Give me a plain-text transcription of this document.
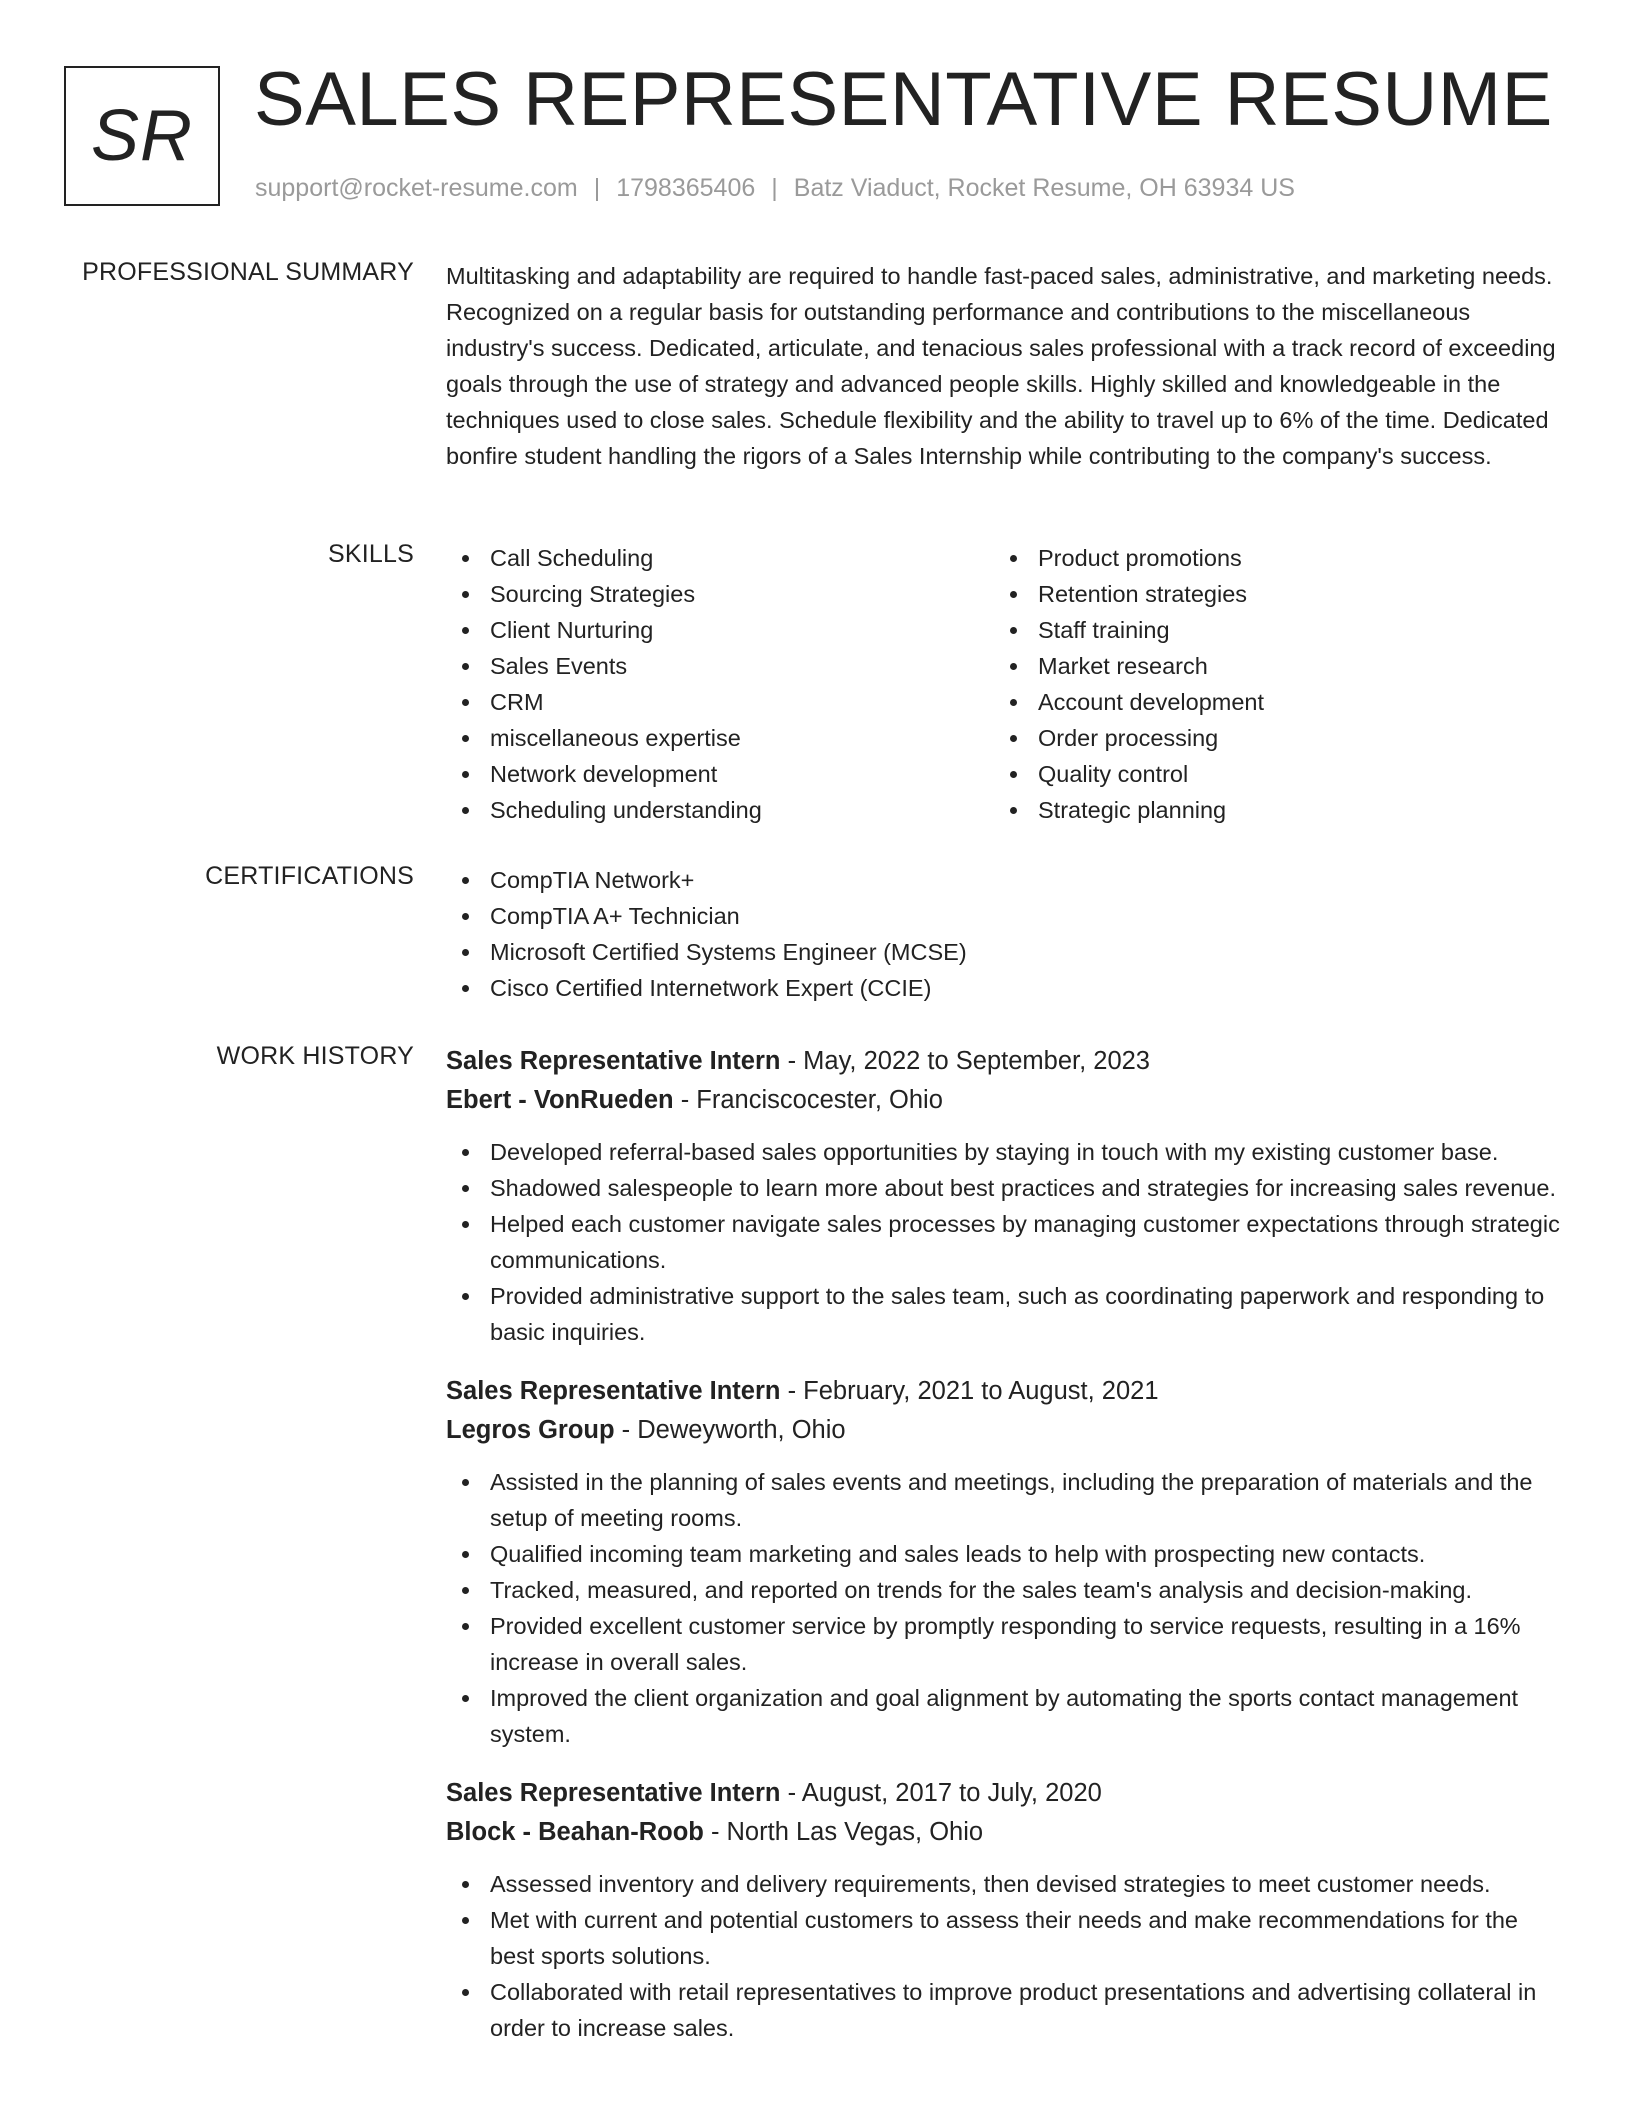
SR SALES REPRESENTATIVE RESUME
support@rocket-resume.com | 1798365406 | Batz Viaduct, Rocket Resume, OH 63934 US
PROFESSIONAL SUMMARY Multitasking and adaptability are required to handle fast-paced sales, administrative, and marketing needs. Recognized on a regular basis for outstanding performance and contributions to the miscellaneous industry's success. Dedicated, articulate, and tenacious sales professional with a track record of exceeding goals through the use of strategy and advanced people skills. Highly skilled and knowledgeable in the techniques used to close sales. Schedule flexibility and the ability to travel up to 6% of the time. Dedicated bonfire student handling the rigors of a Sales Internship while contributing to the company's success.

SKILLS	Call Scheduling
Sourcing Strategies
Client Nurturing
Sales Events
CRM
miscellaneous expertise
Network development
Scheduling understanding
Product promotions
Retention strategies
Staff training
Market research
Account development
Order processing
Quality control
Strategic planning
CERTIFICATIONS	CompTIA Network+
CompTIA A+ Technician
Microsoft Certified Systems Engineer (MCSE)
Cisco Certified Internetwork Expert (CCIE)
WORK HISTORY Sales Representative Intern - May, 2022 to September, 2023
Ebert - VonRueden - Franciscocester, Ohio
Developed referral-based sales opportunities by staying in touch with my existing customer base.
Shadowed salespeople to learn more about best practices and strategies for increasing sales revenue.
Helped each customer navigate sales processes by managing customer expectations through strategic communications.
Provided administrative support to the sales team, such as coordinating paperwork and responding to basic inquiries.
Sales Representative Intern - February, 2021 to August, 2021
Legros Group - Deweyworth, Ohio
Assisted in the planning of sales events and meetings, including the preparation of materials and the setup of meeting rooms.
Qualified incoming team marketing and sales leads to help with prospecting new contacts.
Tracked, measured, and reported on trends for the sales team's analysis and decision-making.
Provided excellent customer service by promptly responding to service requests, resulting in a 16% increase in overall sales.
Improved the client organization and goal alignment by automating the sports contact management system.
Sales Representative Intern - August, 2017 to July, 2020
Block - Beahan-Roob - North Las Vegas, Ohio
Assessed inventory and delivery requirements, then devised strategies to meet customer needs.
Met with current and potential customers to assess their needs and make recommendations for the best sports solutions.
Collaborated with retail representatives to improve product presentations and advertising collateral in order to increase sales.
